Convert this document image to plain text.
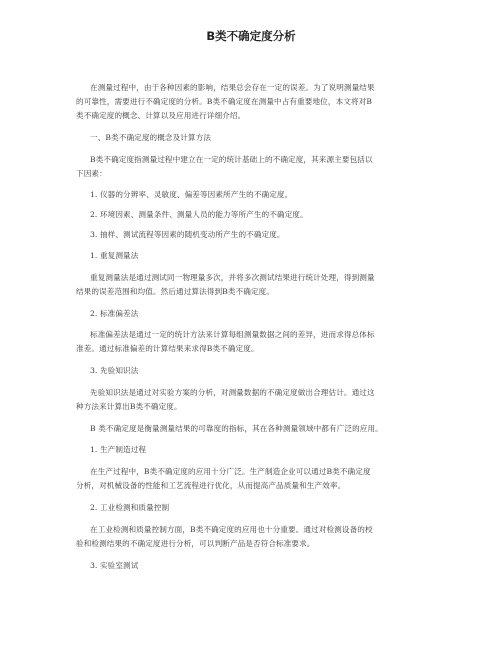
B类不确定度分析
在测量过程中，由于各种因素的影响，结果总会存在一定的误差。为了说明测量结果
的可靠性，需要进行不确定度的分析。B类不确定度在测量中占有重要地位，本文将对B
类不确定度的概念、计算以及应用进行详细介绍。
一、B类不确定度的概念及计算方法
B类不确定度指测量过程中建立在一定的统计基础上的不确定度，其来源主要包括以
下因素：
1. 仪器的分辨率、灵敏度、偏差等因素所产生的不确定度。
2. 环境因素、测量条件、测量人员的能力等所产生的不确定度。
3. 抽样、测试流程等因素的随机变动所产生的不确定度。
1. 重复测量法
重复测量法是通过测试同一物理量多次，并将多次测试结果进行统计处理，得到测量
结果的误差范围和均值。然后通过算法得到B类不确定度。
2. 标准偏差法
标准偏差法是通过一定的统计方法来计算每组测量数据之间的差异，进而求得总体标
准差。通过标准偏差的计算结果来求得B类不确定度。
3. 先验知识法
先验知识法是通过对实验方案的分析，对测量数据的不确定度做出合理估计。通过这
种方法来计算出B类不确定度。
B 类不确定度是衡量测量结果的可靠度的指标，其在各种测量领域中都有广泛的应用。
1. 生产制造过程
在生产过程中，B类不确定度的应用十分广泛。生产制造企业可以通过B类不确定度
分析，对机械设备的性能和工艺流程进行优化，从而提高产品质量和生产效率。
2. 工业检测和质量控制
在工业检测和质量控制方面，B类不确定度的应用也十分重要。通过对检测设备的校
验和检测结果的不确定度进行分析，可以判断产品是否符合标准要求。
3. 实验室测试
